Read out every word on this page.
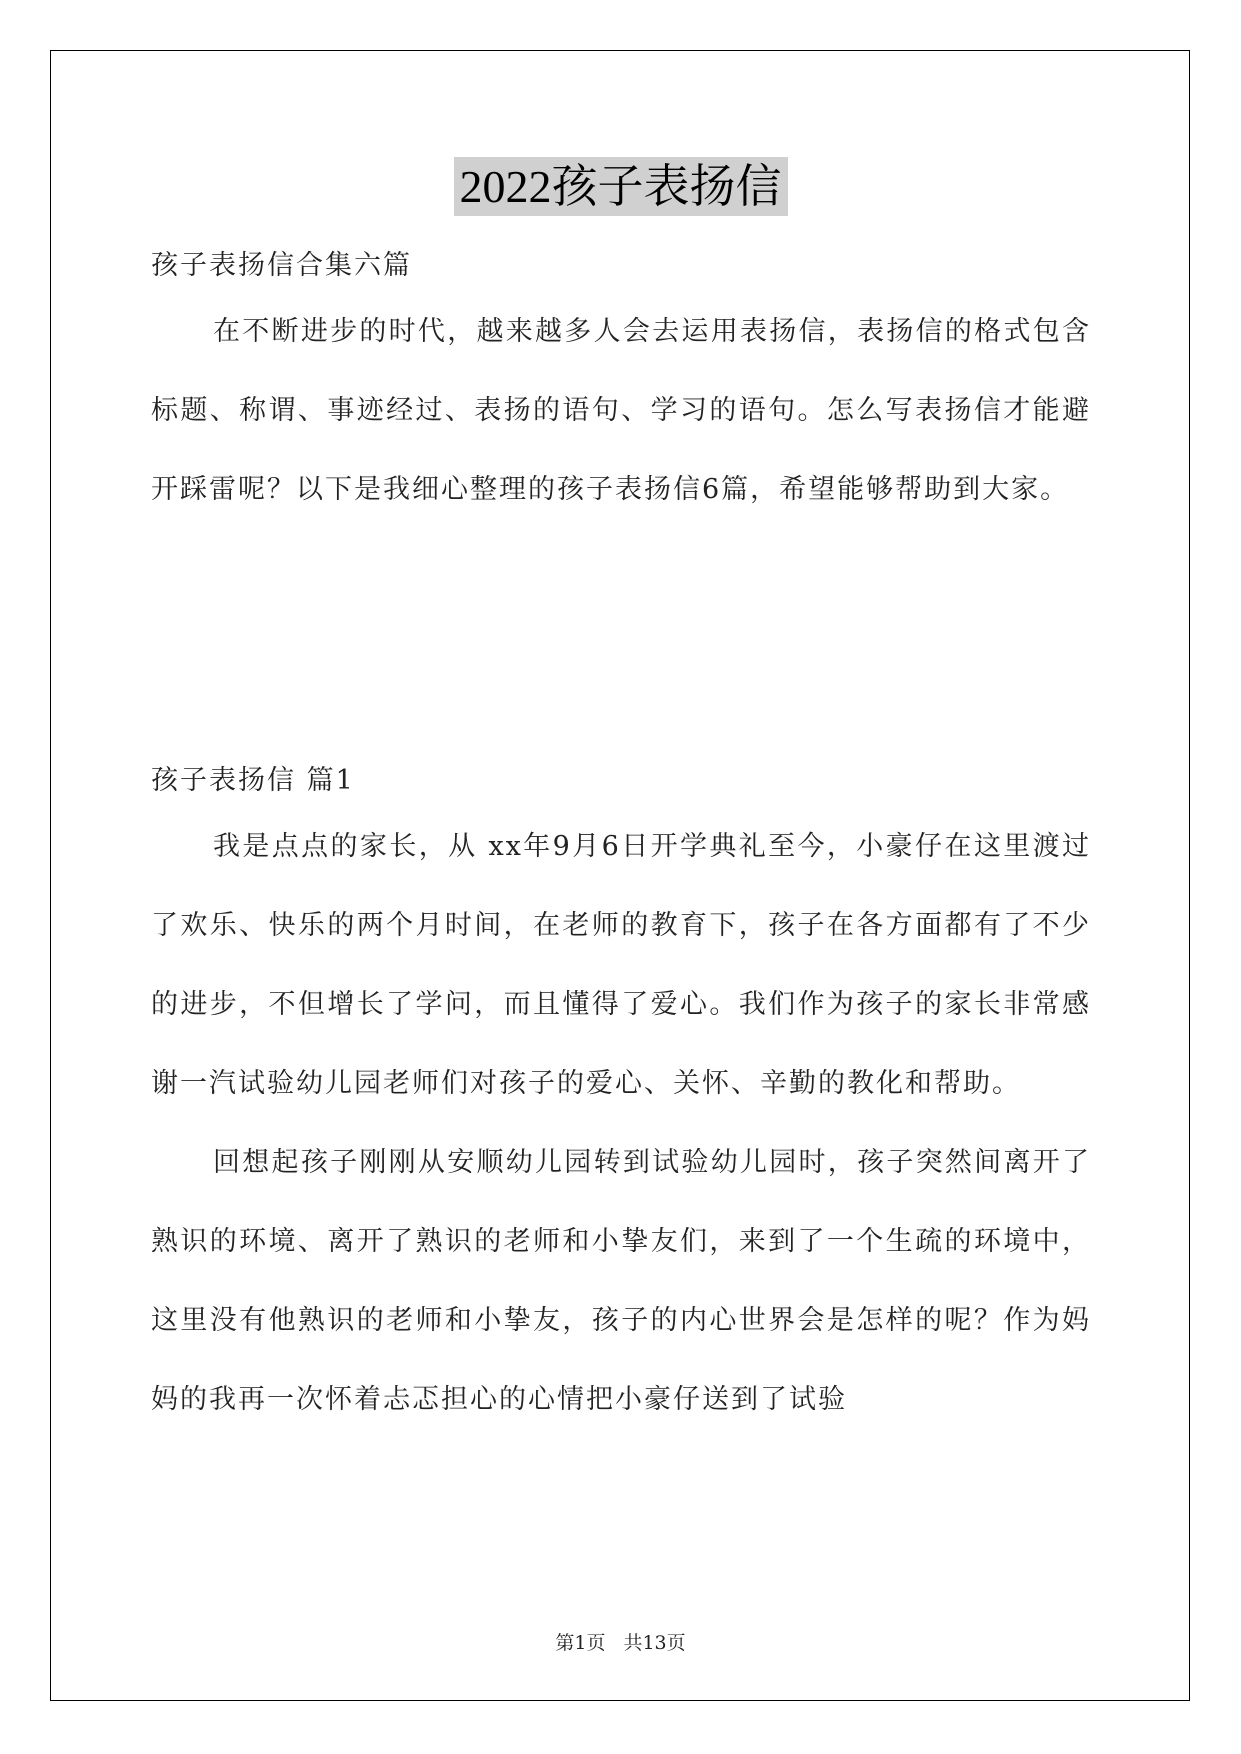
2022孩子表扬信
孩子表扬信合集六篇
在不断进步的时代，越来越多人会去运用表扬信，表扬信的格式包含标题、称谓、事迹经过、表扬的语句、学习的语句。怎么写表扬信才能避开踩雷呢？以下是我细心整理的孩子表扬信6篇，希望能够帮助到大家。
孩子表扬信 篇1
我是点点的家长，从 xx年9月6日开学典礼至今，小豪仔在这里渡过了欢乐、快乐的两个月时间，在老师的教育下，孩子在各方面都有了不少的进步，不但增长了学问，而且懂得了爱心。我们作为孩子的家长非常感谢一汽试验幼儿园老师们对孩子的爱心、关怀、辛勤的教化和帮助。
回想起孩子刚刚从安顺幼儿园转到试验幼儿园时，孩子突然间离开了熟识的环境、离开了熟识的老师和小挚友们，来到了一个生疏的环境中，这里没有他熟识的老师和小挚友，孩子的内心世界会是怎样的呢？作为妈妈的我再一次怀着忐忑担心的心情把小豪仔送到了试验
第1页 共13页
